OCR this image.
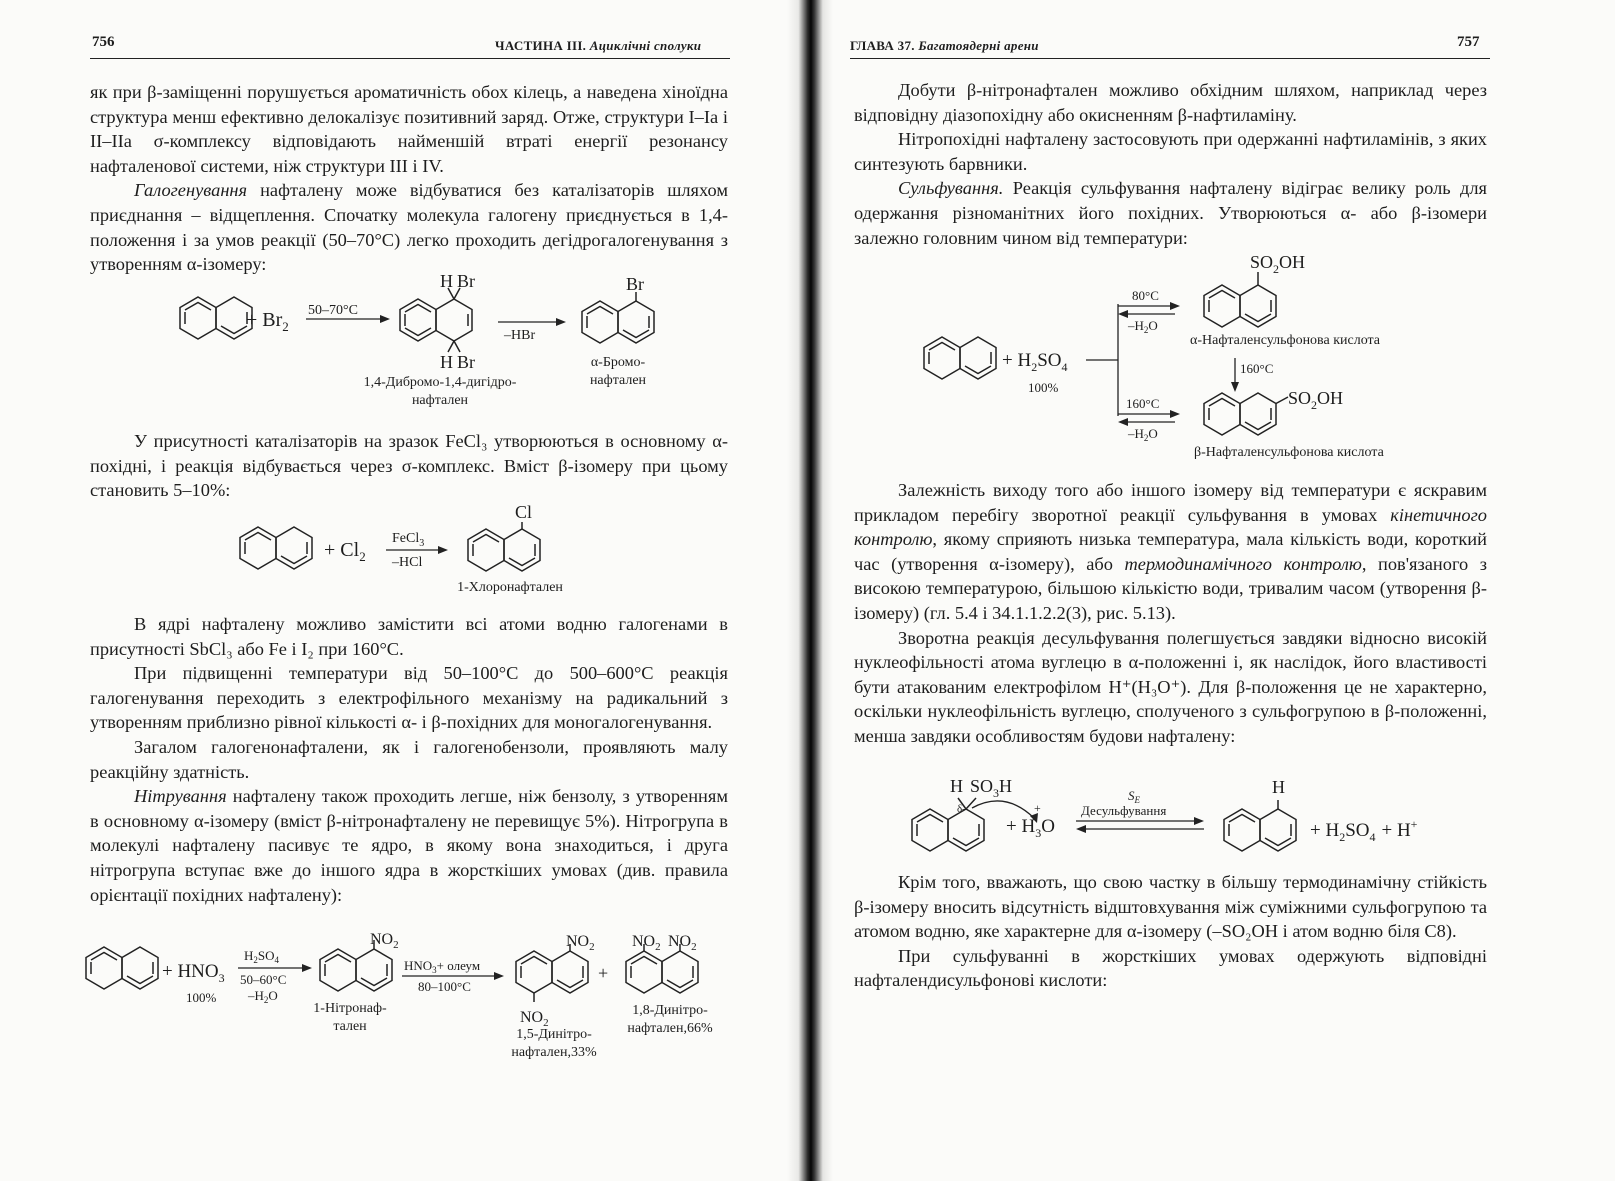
756	ЧАСТИНА III. Ациклічні сполуки

як при β-заміщенні порушується ароматичність обох кілець, а наведена хіноїдна структура менш ефективно делокалізує позитивний заряд. Отже, структури I–Ia і II–IIa σ-комплексу відповідають найменшій втраті енергії резонансу нафталенової системи, ніж структури III і IV.

Галогенування нафталену може відбуватися без каталізаторів шляхом приєднання – відщеплення. Спочатку молекула галогену приєднується в 1,4-положення і за умов реакції (50–70°С) легко проходить дегідрогалогенування з утворенням α-ізомеру:

+ $Br_2$
50–70°С
H Br
H Br
–HBr
Br
1,4-Дибромо-1,4-дигідро-
нафтален
α-Бромо-
нафтален

У присутності каталізаторів на зразок FeCl₃ утворюються в основному α-похідні, і реакція відбувається через σ-комплекс. Вміст β-ізомеру при цьому становить 5–10%:

+ $Cl_2$
FeCl$_3$
–HCl
Cl
1-Хлоронафтален

В ядрі нафталену можливо замістити всі атоми водню галогенами в присутності SbCl₃ або Fe і I₂ при 160°С.

При підвищенні температури від 50–100°С до 500–600°С реакція галогенування переходить з електрофільного механізму на радикальний з утворенням приблизно рівної кількості α- і β-похідних для моногалогенування.

Загалом галогенонафталени, як і галогенобензоли, проявляють малу реакційну здатність.

Нітрування нафталену також проходить легше, ніж бензолу, з утворенням в основному α-ізомеру (вміст β-нітронафталену не перевищує 5%). Нітрогрупа в молекулі нафталену пасивує те ядро, в якому вона знаходиться, і друга нітрогрупа вступає вже до іншого ядра в жорсткіших умовах (див. правила орієнтації похідних нафталену):

+ $HNO_3$
100%
$H_2SO_4$
50–60°С
$-H_2O$
$NO_2$
$HNO_3+$ олеум
80–100°С
$NO_2$
$NO_2$
+
$NO_2$ $NO_2$
1-Нітронаф-
тален
1,5-Динітро-
нафтален,33%
1,8-Динітро-
нафтален,66%
ГЛАВА 37. Багатоядерні арени	757

Добути β-нітронафтален можливо обхідним шляхом, наприклад через відповідну діазопохідну або окисненням β-нафтиламіну.

Нітропохідні нафталену застосовують при одержанні нафтиламінів, з яких синтезують барвники.

Сульфування. Реакція сульфування нафталену відіграє велику роль для одержання різноманітних його похідних. Утворюються α- або β-ізомери залежно головним чином від температури:

+ $H_2SO_4$
100%
80°С
$-H_2O$
160°С
$-H_2O$
$SO_2OH$
160°С
$SO_2OH$
α-Нафталенсульфонова кислота
β-Нафталенсульфонова кислота

Залежність виходу того або іншого ізомеру від температури є яскравим прикладом перебігу зворотної реакції сульфування в умовах кінетичного контролю, якому сприяють низька температура, мала кількість води, короткий час (утворення α-ізомеру), або термодинамічного контролю, пов'язаного з високою температурою, більшою кількістю води, тривалим часом (утворення β-ізомеру) (гл. 5.4 і 34.1.1.2.2(3), рис. 5.13).

Зворотна реакція десульфування полегшується завдяки відносно високій нуклеофільності атома вуглецю в α-положенні і, як наслідок, його властивості бути атакованим електрофілом H⁺(H₃O⁺). Для β-положення це не характерно, оскільки нуклеофільність вуглецю, сполученого з сульфогрупою в β-положенні, менша завдяки особливостям будови нафталену:

H $SO_3H$
δ–	+
+ $H_3O$
$S_E$
Десульфування
H
+ $H_2SO_4 + H^+$

Крім того, вважають, що свою частку в більшу термодинамічну стійкість β-ізомеру вносить відсутність відштовхування між суміжними сульфогрупою та атомом водню, яке характерне для α-ізомеру (–SO₂OH і атом водню біля С8).

При сульфуванні в жорсткіших умовах одержують відповідні нафталендисульфонові кислоти:
